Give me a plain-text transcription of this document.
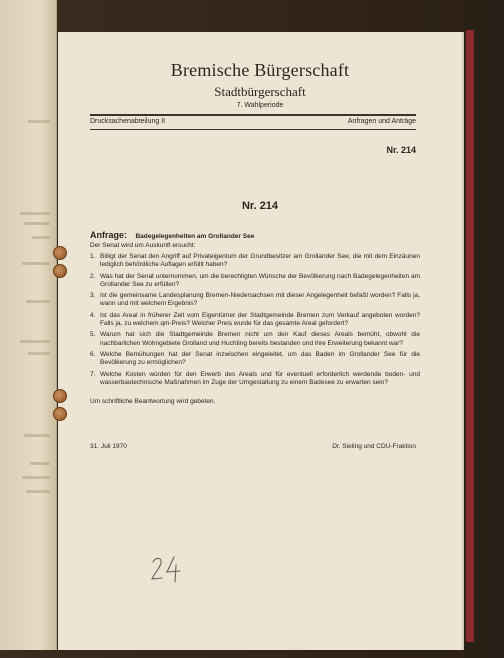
Bremische Bürgerschaft
Stadtbürgerschaft
7. Wahlperiode
Drucksachenabteilung II	Anfragen und Anträge
Nr. 214
Nr. 214
Anfrage: Badegelegenheiten am Grollander See
Der Senat wird um Auskunft ersucht:
1. Billigt der Senat den Angriff auf Privateigentum der Grundbesitzer am Grollander See, die mit dem Einzäunen lediglich behördliche Auflagen erfüllt haben?
2. Was hat der Senat unternommen, um die berechtigten Wünsche der Bevölkerung nach Badegelegenheiten am Grollander See zu erfüllen?
3. Ist die gemeinsame Landesplanung Bremen-Niedersachsen mit dieser Angelegenheit befaßt worden? Falls ja, wann und mit welchem Ergebnis?
4. Ist das Areal in früherer Zeit vom Eigentümer der Stadtgemeinde Bremen zum Verkauf angeboten worden? Falls ja, zu welchem qm-Preis? Welcher Preis wurde für das gesamte Areal gefordert?
5. Warum hat sich die Stadtgemeinde Bremen nicht um den Kauf dieses Areals bemüht, obwohl die nachbarlichen Wohngebiete Grolland und Huchting bereits bestanden und ihre Erweiterung bekannt war?
6. Welche Bemühungen hat der Senat inzwischen eingeleitet, um das Baden im Grollander See für die Bevölkerung zu ermöglichen?
7. Welche Kosten würden für den Erwerb des Areals und für eventuell erforderlich werdende boden- und wasserbautechnische Maßnahmen im Zuge der Umgestaltung zu einem Badesee zu erwarten sein?
Um schriftliche Beantwortung wird gebeten.
31. Juli 1970	Dr. Sieling und CDU-Fraktion
